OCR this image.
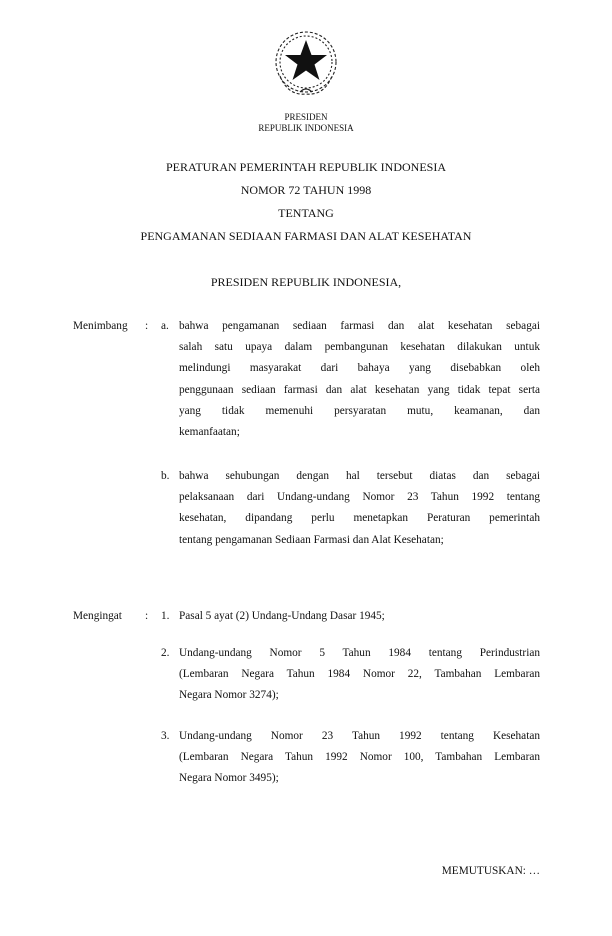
PRESIDEN
REPUBLIK INDONESIA
PERATURAN PEMERINTAH REPUBLIK INDONESIA
NOMOR 72 TAHUN 1998
TENTANG
PENGAMANAN SEDIAAN FARMASI DAN ALAT KESEHATAN
PRESIDEN REPUBLIK INDONESIA,
Menimbang : a. bahwa pengamanan sediaan farmasi dan alat kesehatan sebagai
salah satu upaya dalam pembangunan kesehatan dilakukan untuk
melindungi masyarakat dari bahaya yang disebabkan oleh
penggunaan sediaan farmasi dan alat kesehatan yang tidak tepat serta
yang tidak memenuhi persyaratan mutu, keamanan, dan
kemanfaatan;
b. bahwa sehubungan dengan hal tersebut diatas dan sebagai
pelaksanaan dari Undang-undang Nomor 23 Tahun 1992 tentang
kesehatan, dipandang perlu menetapkan Peraturan pemerintah
tentang pengamanan Sediaan Farmasi dan Alat Kesehatan;
Mengingat : 1. Pasal 5 ayat (2) Undang-Undang Dasar 1945;
2. Undang-undang Nomor 5 Tahun 1984 tentang Perindustrian
(Lembaran Negara Tahun 1984 Nomor 22, Tambahan Lembaran
Negara Nomor 3274);
3. Undang-undang Nomor 23 Tahun 1992 tentang Kesehatan
(Lembaran Negara Tahun 1992 Nomor 100, Tambahan Lembaran
Negara Nomor 3495);
MEMUTUSKAN: …
